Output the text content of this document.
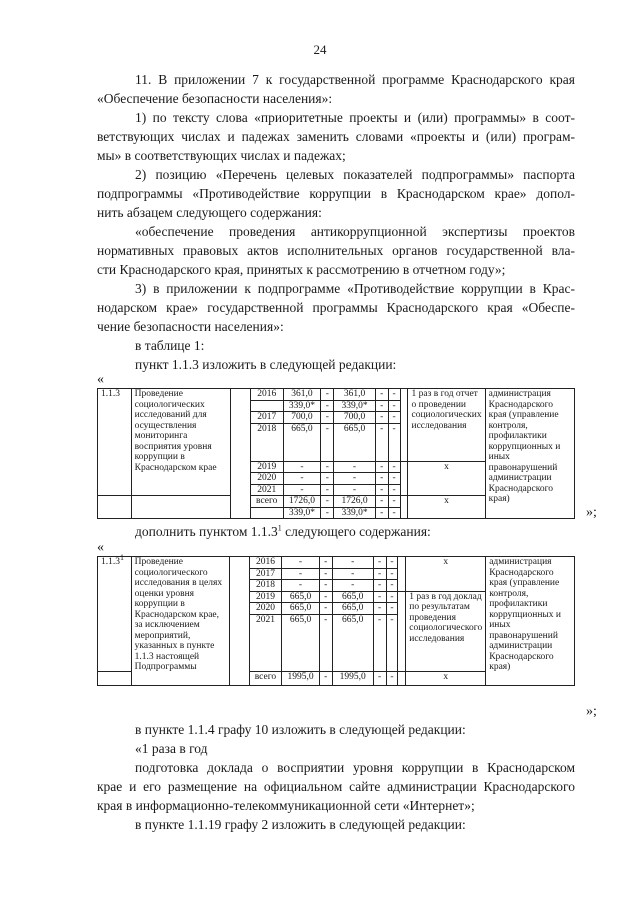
24
11. В приложении 7 к государственной программе Краснодарского края
«Обеспечение безопасности населения»:
1) по тексту слова «приоритетные проекты и (или) программы» в соот-
ветствующих числах и падежах заменить словами «проекты и (или) програм-
мы» в соответствующих числах и падежах;
2) позицию «Перечень целевых показателей подпрограммы» паспорта
подпрограммы «Противодействие коррупции в Краснодарском крае» допол-
нить абзацем следующего содержания:
«обеспечение проведения антикоррупционной экспертизы проектов
нормативных правовых актов исполнительных органов государственной вла-
сти Краснодарского края, принятых к рассмотрению в отчетном году»;
3) в приложении к подпрограмме «Противодействие коррупции в Крас-
нодарском крае» государственной программы Краснодарского края «Обеспе-
чение безопасности населения»:
в таблице 1:
пункт 1.1.3 изложить в следующей редакции:
«
1.1.3	Проведение социологических исследований для осуществления мониторинга восприятия уровня коррупции в Краснодарском крае		2016	361,0	-	361,0	-	-		1 раз в год отчет о проведении социологических исследования	администрация Краснодарского края (управление контроля, профилактики коррупционных и иных правонарушений администрации Краснодарского края)
				339,0*	-	339,0*	-	-			
			2017	700,0	-	700,0	-	-			
			2018	665,0	-	665,0	-	-			
			2019	-	-	-	-	-		х	
			2020	-	-	-	-	-			
			2021	-	-	-	-	-			
			всего	1726,0	-	1726,0	-	-		х	
				339,0*	-	339,0*	-	-				»;
дополнить пунктом 1.1.3$^1$ следующего содержания:
«
1.1.3$^1$	Проведение социологического исследования в целях оценки уровня коррупции в Краснодарском крае, за исключением мероприятий, указанных в пункте 1.1.3 настоящей Подпрограммы		2016	-	-	-	-	-		х	администрация Краснодарского края (управление контроля, профилактики коррупционных и иных правонарушений администрации Краснодарского края)
			2017	-	-	-	-	-			
			2018	-	-	-	-	-			
			2019	665,0	-	665,0	-	-		1 раз в год доклад по результатам проведения социологического исследования	
			2020	665,0	-	665,0	-	-			
			2021	665,0	-	665,0	-	-			
			всего	1995,0	-	1995,0	-	-		х	
»;
в пункте 1.1.4 графу 10 изложить в следующей редакции:
«1 раза в год
подготовка доклада о восприятии уровня коррупции в Краснодарском
крае и его размещение на официальном сайте администрации Краснодарского
края в информационно-телекоммуникационной сети «Интернет»;
в пункте 1.1.19 графу 2 изложить в следующей редакции:
